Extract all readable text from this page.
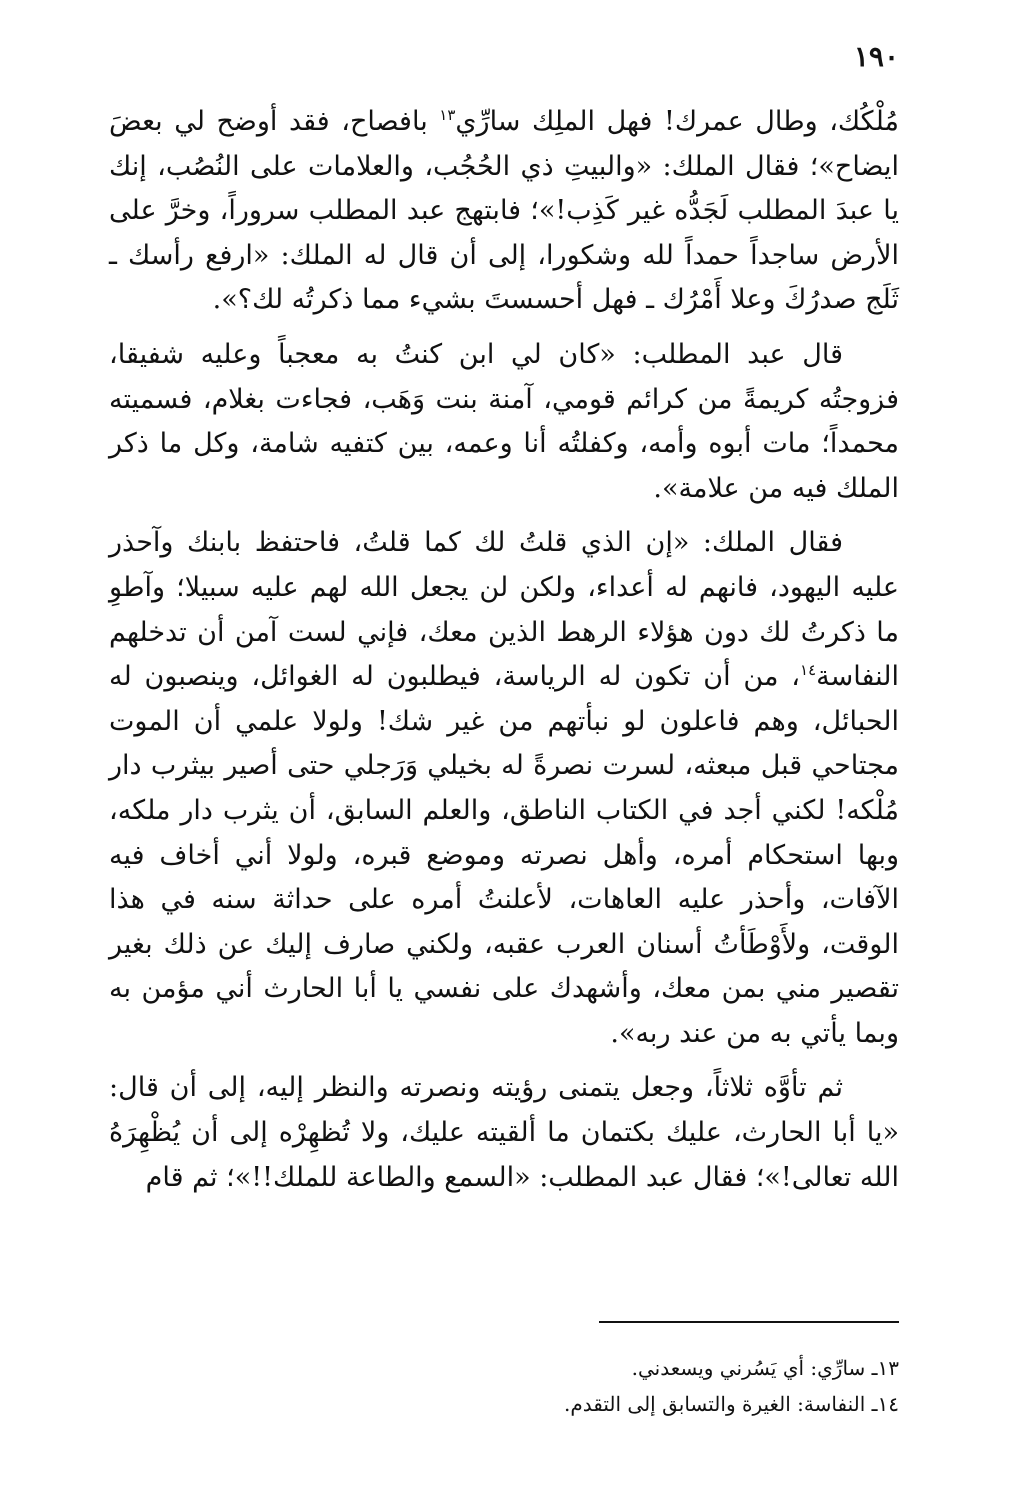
١٩٠

مُلْكُك، وطال عمرك! فهل الملِك سارِّي$^{١٣}$ بافصاح، فقد أوضح لي بعضَ ايضاح»؛ فقال الملك: «والبيتِ ذي الحُجُب، والعلامات على النُصُب، إنك يا عبدَ المطلب لَجَدُّه غير كَذِب!»؛ فابتهج عبد المطلب سروراً، وخرَّ على الأرض ساجداً حمداً لله وشكورا، إلى أن قال له الملك: «ارفع رأسك ـ ثَلَج صدرُكَ وعلا أَمْرُك ـ فهل أحسستَ بشيء مما ذكرتُه لك؟».

قال عبد المطلب: «كان لي ابن كنتُ به معجباً وعليه شفيقا، فزوجتُه كريمةً من كرائم قومي، آمنة بنت وَهَب، فجاءت بغلام، فسميته محمداً؛ مات أبوه وأمه، وكفلتُه أنا وعمه، بين كتفيه شامة، وكل ما ذكر الملك فيه من علامة».

فقال الملك: «إن الذي قلتُ لك كما قلتُ، فاحتفظ بابنك وآحذر عليه اليهود، فانهم له أعداء، ولكن لن يجعل الله لهم عليه سبيلا؛ وآطوِ ما ذكرتُ لك دون هؤلاء الرهط الذين معك، فإني لست آمن أن تدخلهم النفاسة$^{١٤}$، من أن تكون له الرياسة، فيطلبون له الغوائل، وينصبون له الحبائل، وهم فاعلون لو نبأتهم من غير شك! ولولا علمي أن الموت مجتاحي قبل مبعثه، لسرت نصرةً له بخيلي وَرَجلي حتى أصير بيثرب دار مُلْكه! لكني أجد في الكتاب الناطق، والعلم السابق، أن يثرب دار ملكه، وبها استحكام أمره، وأهل نصرته وموضع قبره، ولولا أني أخاف فيه الآفات، وأحذر عليه العاهات، لأعلنتُ أمره على حداثة سنه في هذا الوقت، ولأَوْطَأتُ أسنان العرب عقبه، ولكني صارف إليك عن ذلك بغير تقصير مني بمن معك، وأشهدك على نفسي يا أبا الحارث أني مؤمن به وبما يأتي به من عند ربه».

ثم تأوَّه ثلاثاً، وجعل يتمنى رؤيته ونصرته والنظر إليه، إلى أن قال: «يا أبا الحارث، عليك بكتمان ما ألقيته عليك، ولا تُظهِرْه إلى أن يُظْهِرَهُ الله تعالى!»؛ فقال عبد المطلب: «السمع والطاعة للملك!!»؛ ثم قام

١٣ـ سارِّي: أي يَسُرني ويسعدني.
١٤ـ النفاسة: الغيرة والتسابق إلى التقدم.
